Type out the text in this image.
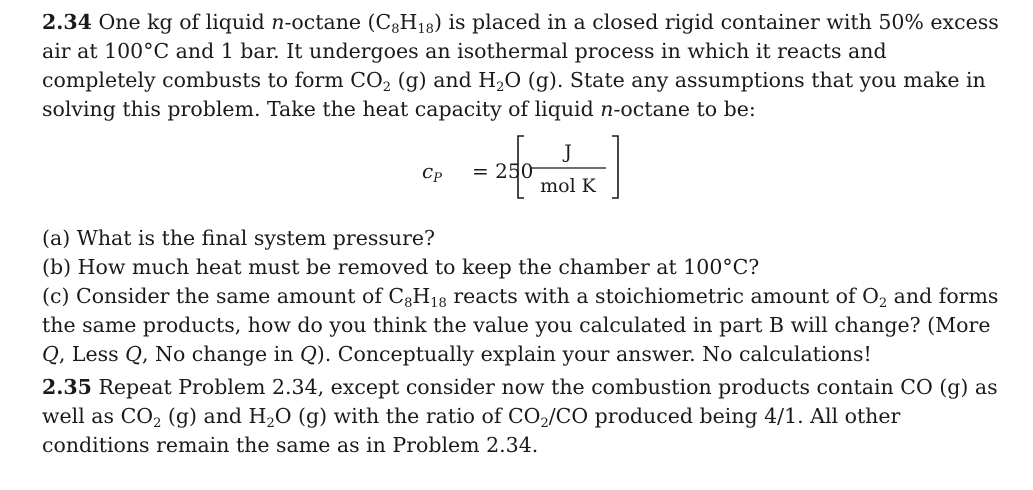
2.34 One kg of liquid n-octane $(C_8H_{18})$ is placed in a closed rigid container with 50% excess air at 100°C and 1 bar. It undergoes an isothermal process in which it reacts and completely combusts to form $CO_2$ (g) and $H_2O$ (g). State any assumptions that you make in solving this problem. Take the heat capacity of liquid n-octane to be:

$c_P = 250$
J
mol K

(a) What is the final system pressure?

(b) How much heat must be removed to keep the chamber at 100°C?

(c) Consider the same amount of $C_8H_{18}$ reacts with a stoichiometric amount of $O_2$ and forms the same products, how do you think the value you calculated in part B will change? (More Q, Less Q, No change in Q). Conceptually explain your answer. No calculations!

2.35 Repeat Problem 2.34, except consider now the combustion products contain CO (g) as well as $CO_2$ (g) and $H_2O$ (g) with the ratio of $CO_2/CO$ produced being 4/1. All other conditions remain the same as in Problem 2.34.
